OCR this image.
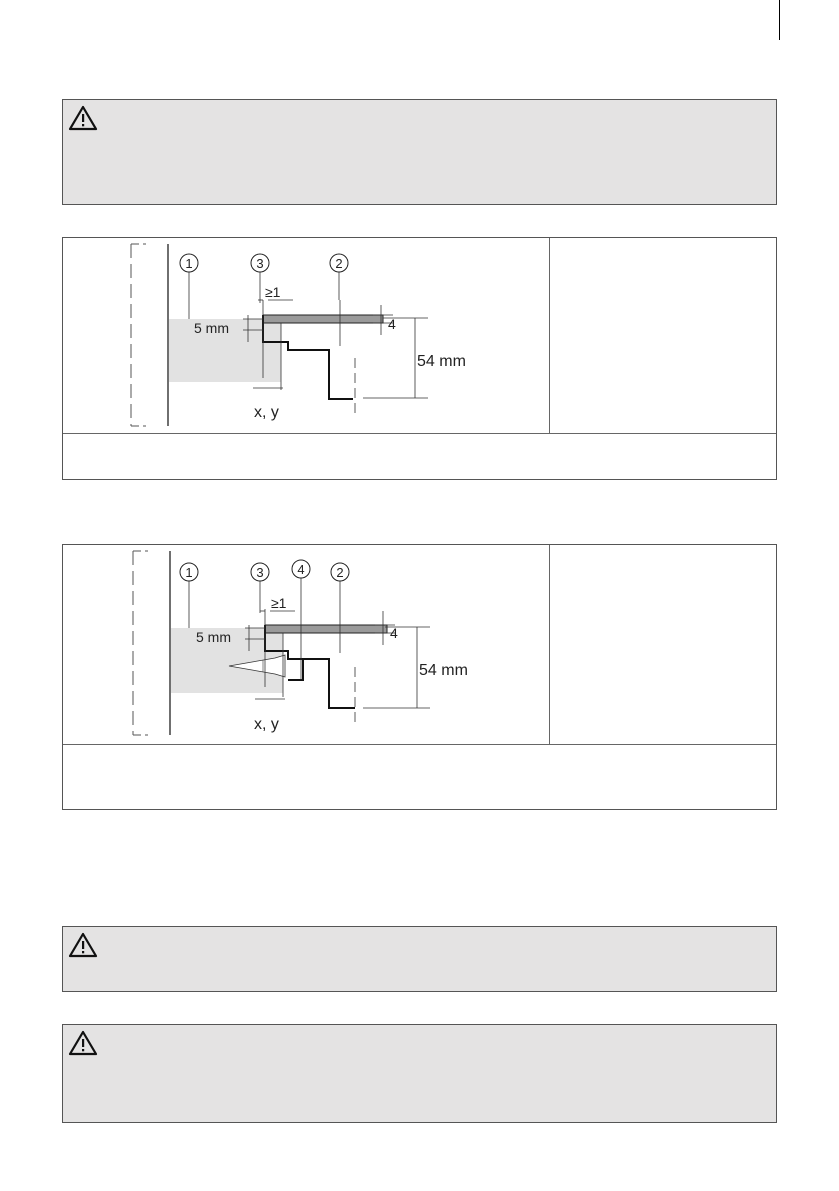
1	3	2
≥1
5 mm	4
54 mm
x, y
1	3	4 2
≥1
5 mm	4
54 mm
x, y
